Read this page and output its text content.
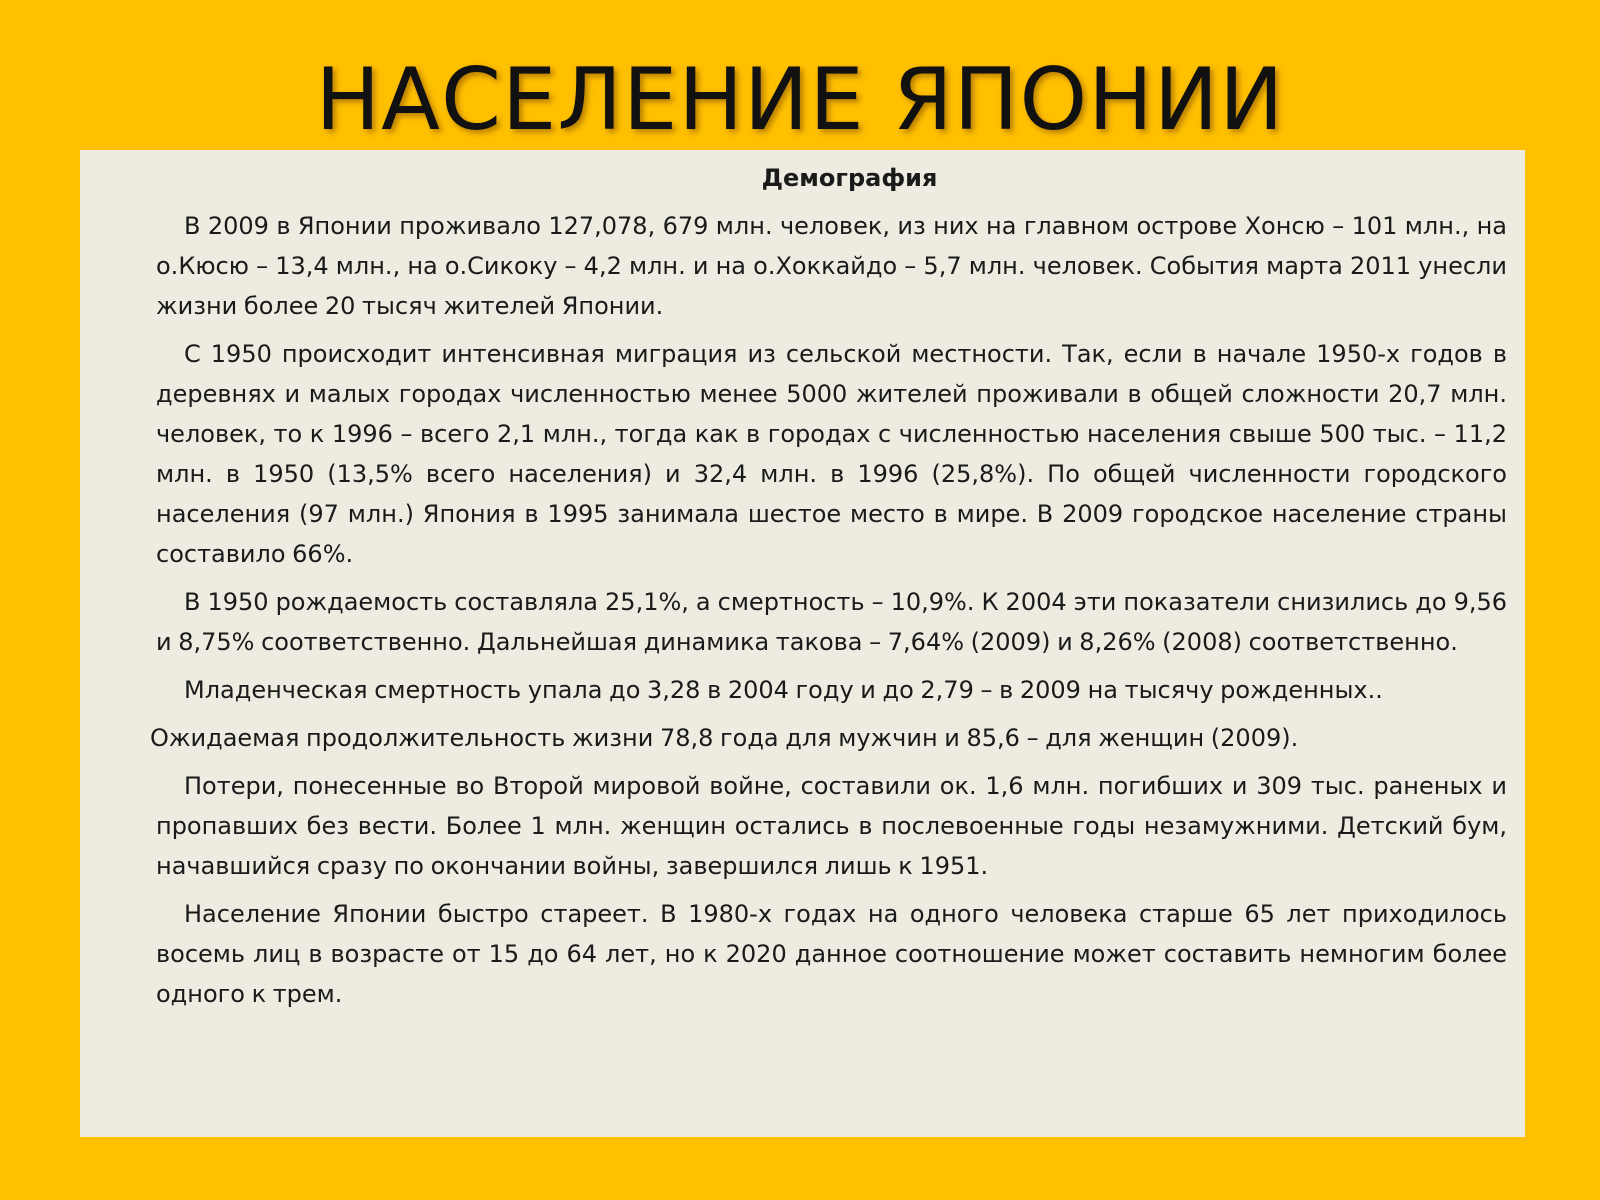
НАСЕЛЕНИЕ ЯПОНИИ
Демография

В 2009 в Японии проживало 127,078, 679 млн. человек, из них на главном острове Хонсю – 101 млн., на о.Кюсю – 13,4 млн., на о.Сикоку – 4,2 млн. и на о.Хоккайдо – 5,7 млн. человек. События марта 2011 унесли жизни более 20 тысяч жителей Японии.

С 1950 происходит интенсивная миграция из сельской местности. Так, если в начале 1950-х годов в деревнях и малых городах численностью менее 5000 жителей проживали в общей сложности 20,7 млн. человек, то к 1996 – всего 2,1 млн., тогда как в городах с численностью населения свыше 500 тыс. – 11,2 млн. в 1950 (13,5% всего населения) и 32,4 млн. в 1996 (25,8%). По общей численности городского населения (97 млн.) Япония в 1995 занимала шестое место в мире. В 2009 городское население страны составило 66%.

В 1950 рождаемость составляла 25,1%, а смертность – 10,9%. К 2004 эти показатели снизились до 9,56 и 8,75% соответственно. Дальнейшая динамика такова – 7,64% (2009) и 8,26% (2008) соответственно.

Младенческая смертность упала до 3,28 в 2004 году и до 2,79 – в 2009 на тысячу рожденных..

Ожидаемая продолжительность жизни 78,8 года для мужчин и 85,6 – для женщин (2009).

Потери, понесенные во Второй мировой войне, составили ок. 1,6 млн. погибших и 309 тыс. раненых и пропавших без вести. Более 1 млн. женщин остались в послевоенные годы незамужними. Детский бум, начавшийся сразу по окончании войны, завершился лишь к 1951.

Население Японии быстро стареет. В 1980-х годах на одного человека старше 65 лет приходилось восемь лиц в возрасте от 15 до 64 лет, но к 2020 данное соотношение может составить немногим более одного к трем.
